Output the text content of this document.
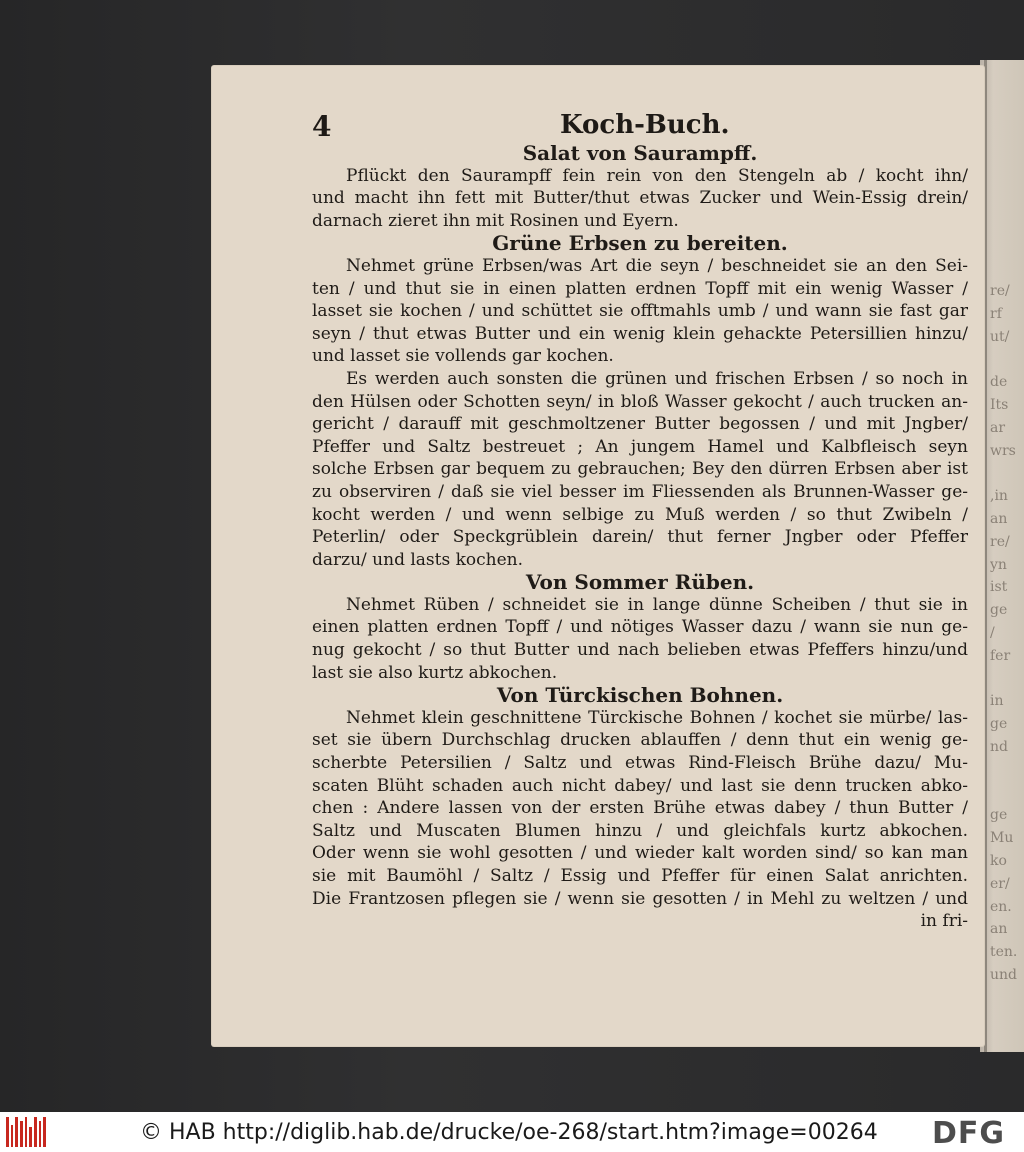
re/
rf
ut/

de
Its
ar
wrs

,in
an
re/
yn
ist
ge
/
fer

in
ge
nd

ge
Mu
ko
er/
en.
an
ten.
und
4	Koch-Buch.
Salat von Saurampff.
Pflückt den Saurampff fein rein von den Stengeln ab / kocht ihn/
und macht ihn fett mit Butter/thut etwas Zucker und Wein-Essig drein/
darnach zieret ihn mit Rosinen und Eyern.
Grüne Erbsen zu bereiten.
Nehmet grüne Erbsen/was Art die seyn / beschneidet sie an den Sei-
ten / und thut sie in einen platten erdnen Topff mit ein wenig Wasser /
lasset sie kochen / und schüttet sie offtmahls umb / und wann sie fast gar
seyn / thut etwas Butter und ein wenig klein gehackte Petersillien hinzu/
und lasset sie vollends gar kochen.
Es werden auch sonsten die grünen und frischen Erbsen / so noch in
den Hülsen oder Schotten seyn/ in bloß Wasser gekocht / auch trucken an-
gericht / darauff mit geschmoltzener Butter begossen / und mit Jngber/
Pfeffer und Saltz bestreuet ; An jungem Hamel und Kalbfleisch seyn
solche Erbsen gar bequem zu gebrauchen; Bey den dürren Erbsen aber ist
zu observiren / daß sie viel besser im Fliessenden als Brunnen-Wasser ge-
kocht werden / und wenn selbige zu Muß werden / so thut Zwibeln /
Peterlin/ oder Speckgrüblein darein/ thut ferner Jngber oder Pfeffer
darzu/ und lasts kochen.
Von Sommer Rüben.
Nehmet Rüben / schneidet sie in lange dünne Scheiben / thut sie in
einen platten erdnen Topff / und nötiges Wasser dazu / wann sie nun ge-
nug gekocht / so thut Butter und nach belieben etwas Pfeffers hinzu/und
last sie also kurtz abkochen.
Von Türckischen Bohnen.
Nehmet klein geschnittene Türckische Bohnen / kochet sie mürbe/ las-
set sie übern Durchschlag drucken ablauffen / denn thut ein wenig ge-
scherbte Petersilien / Saltz und etwas Rind-Fleisch Brühe dazu/ Mu-
scaten Blüht schaden auch nicht dabey/ und last sie denn trucken abko-
chen : Andere lassen von der ersten Brühe etwas dabey / thun Butter /
Saltz und Muscaten Blumen hinzu / und gleichfals kurtz abkochen.
Oder wenn sie wohl gesotten / und wieder kalt worden sind/ so kan man
sie mit Baumöhl / Saltz / Essig und Pfeffer für einen Salat anrichten.
Die Frantzosen pflegen sie / wenn sie gesotten / in Mehl zu weltzen / und
in fri-
© HAB http://diglib.hab.de/drucke/oe-268/start.htm?image=00264 DFG
